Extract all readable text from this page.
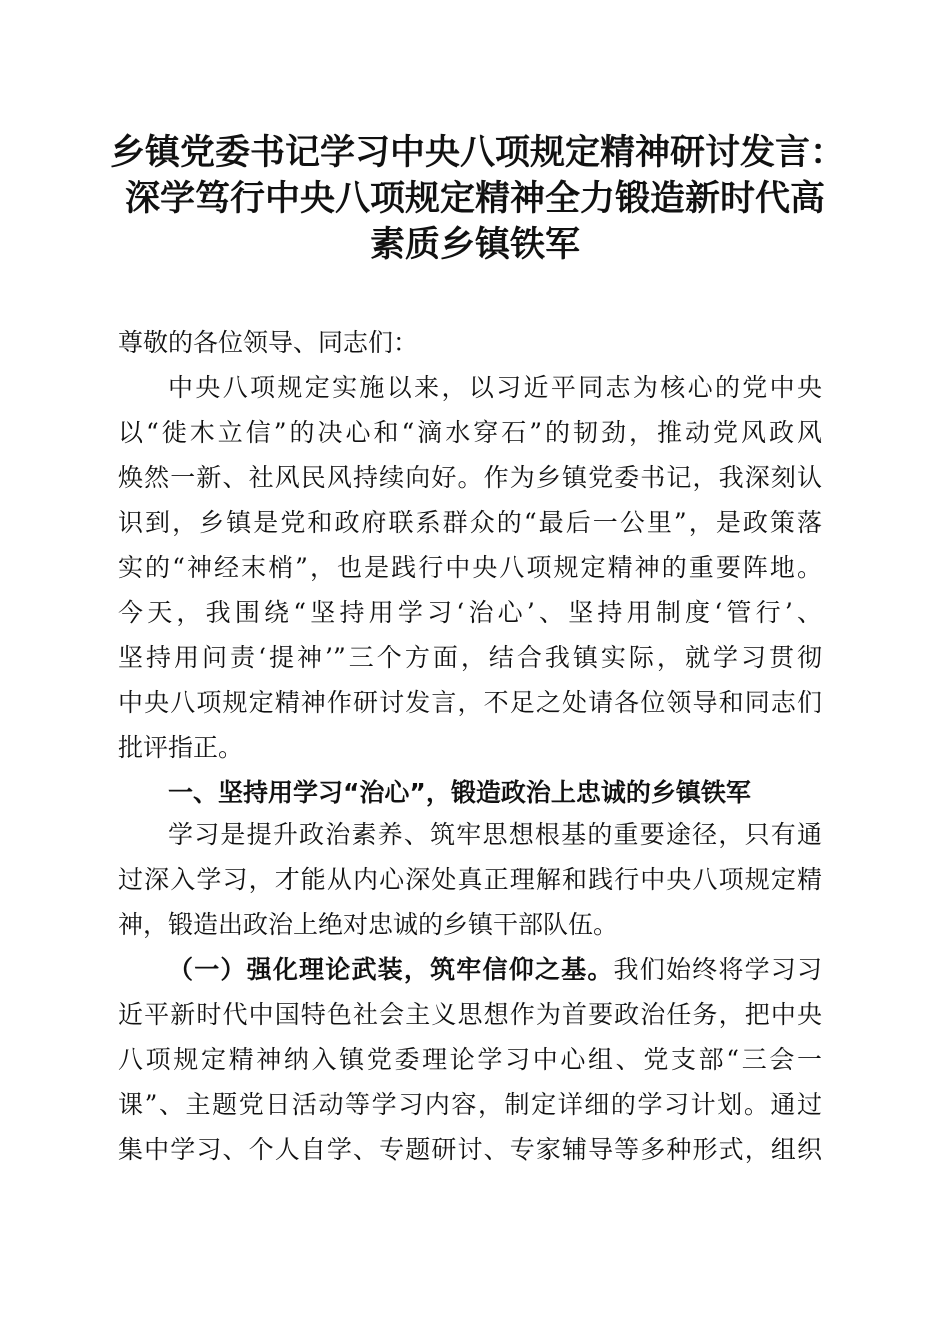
乡镇党委书记学习中央八项规定精神研讨发言：
深学笃行中央八项规定精神全力锻造新时代高
素质乡镇铁军
尊敬的各位领导、同志们：
中央八项规定实施以来，以习近平同志为核心的党中央
以“徙木立信”的决心和“滴水穿石”的韧劲，推动党风政风
焕然一新、社风民风持续向好。作为乡镇党委书记，我深刻认
识到，乡镇是党和政府联系群众的“最后一公里”，是政策落
实的“神经末梢”，也是践行中央八项规定精神的重要阵地。
今天，我围绕“坚持用学习‘治心’、坚持用制度‘管行’、
坚持用问责‘提神’”三个方面，结合我镇实际，就学习贯彻
中央八项规定精神作研讨发言，不足之处请各位领导和同志们
批评指正。
一、坚持用学习“治心”，锻造政治上忠诚的乡镇铁军
学习是提升政治素养、筑牢思想根基的重要途径，只有通
过深入学习，才能从内心深处真正理解和践行中央八项规定精
神，锻造出政治上绝对忠诚的乡镇干部队伍。
（一）强化理论武装，筑牢信仰之基。我们始终将学习习
近平新时代中国特色社会主义思想作为首要政治任务，把中央
八项规定精神纳入镇党委理论学习中心组、党支部“三会一
课”、主题党日活动等学习内容，制定详细的学习计划。通过
集中学习、个人自学、专题研讨、专家辅导等多种形式，组织
